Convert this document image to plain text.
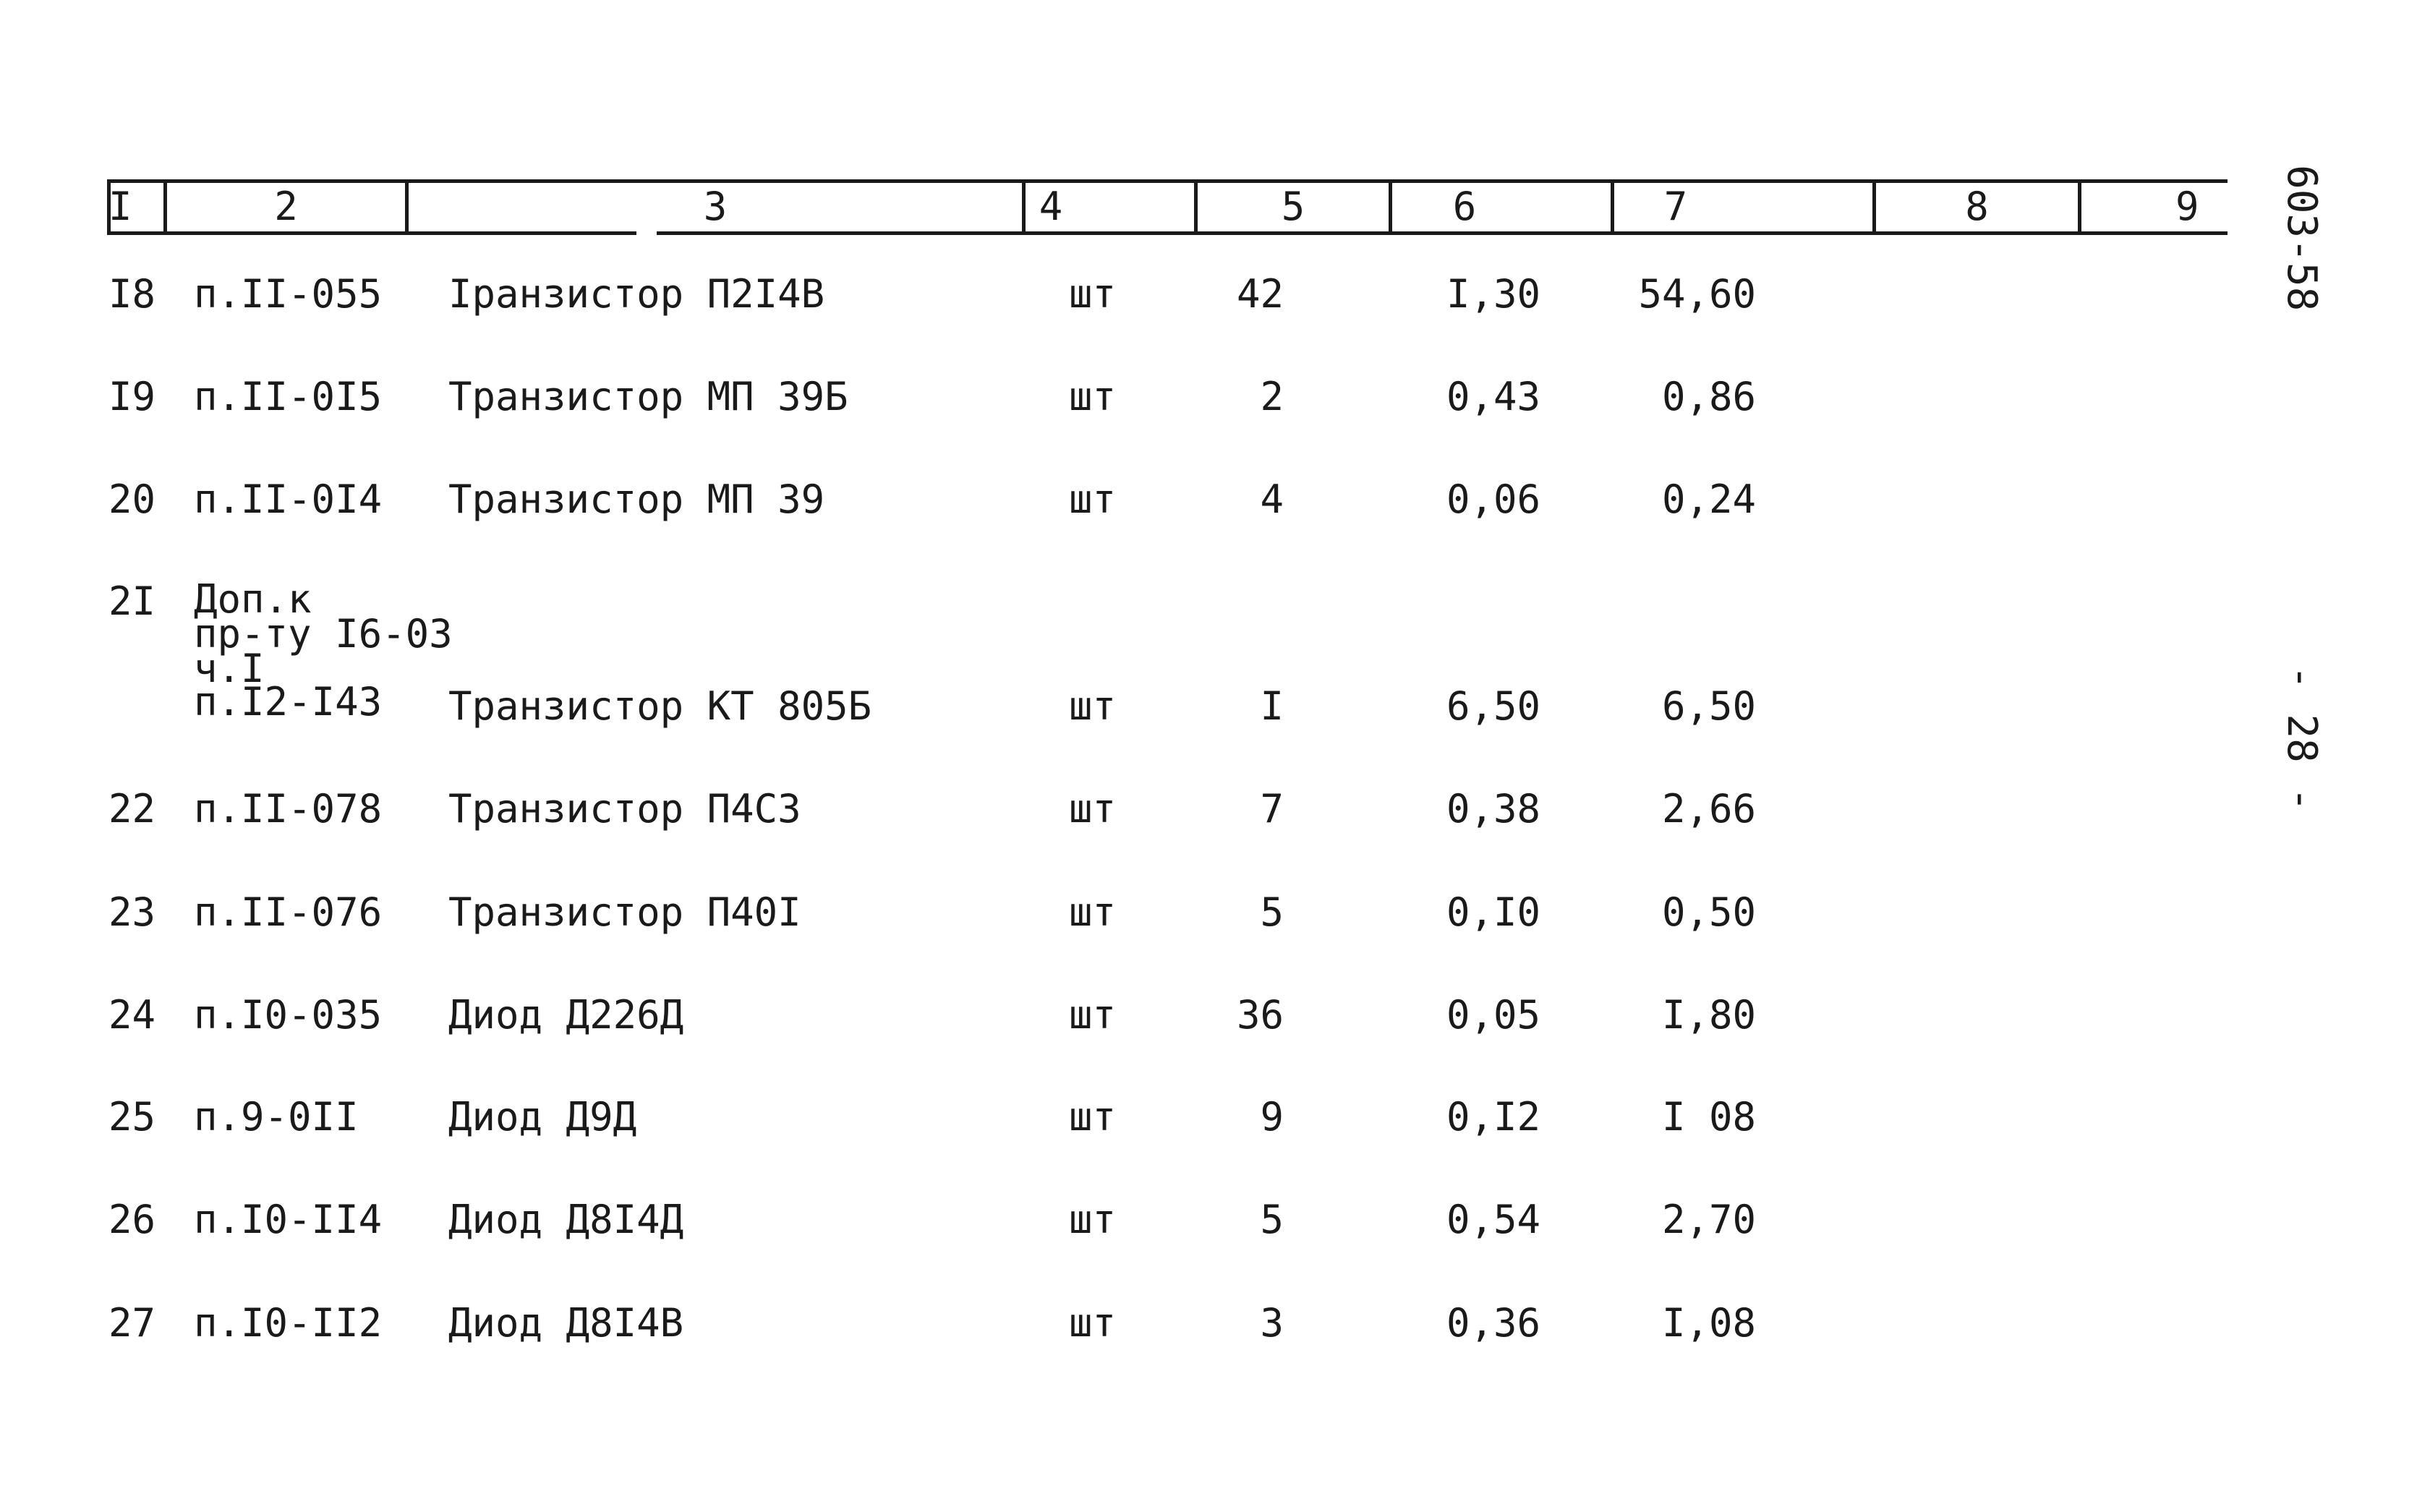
I	2	3	4	5	6	7	8	9
I8 п.II-055 Iранзистор П2I4В	шт	42	I,30	54,60
I9 п.II-0I5 Транзистор МП 39Б	шт	2	0,43	0,86
20 п.II-0I4 Транзистор МП 39	шт	4	0,06	0,24
2I Доп.к
пр-ту I6-03
ч.I
п.I2-I43 Транзистор КТ 805Б	шт	I	6,50	6,50
22 п.II-078 Транзистор П4С3	шт	7	0,38	2,66
23 п.II-076 Транзистор П40I	шт	5	0,I0	0,50
24 п.I0-035 Диод Д226Д	шт	36	0,05	I,80
25 п.9-0II Диод Д9Д	шт	9	0,I2	I 08
26 п.I0-II4 Диод Д8I4Д	шт	5	0,54	2,70
27 п.I0-II2 Диод Д8I4В	шт	3	0,36	I,08
603-58
- 28 -
